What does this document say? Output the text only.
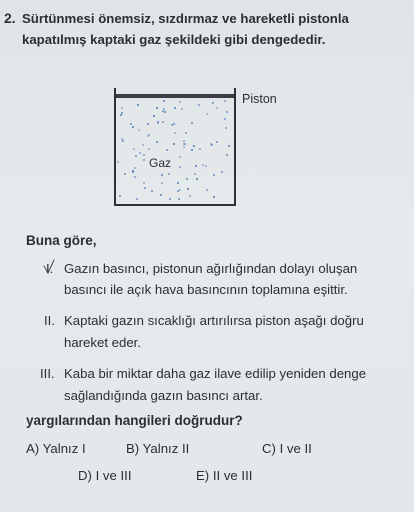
2. Sürtünmesi önemsiz, sızdırmaz ve hareketli pistonla

kapatılmış kaptaki gaz şekildeki gibi dengededir.

Gaz
Piston

Buna göre,

I. Gazın basıncı, pistonun ağırlığından dolayı oluşan

basıncı ile açık hava basıncının toplamına eşittir.

II. Kaptaki gazın sıcaklığı artırılırsa piston aşağı doğru

hareket eder.

III. Kaba bir miktar daha gaz ilave edilip yeniden denge

sağlandığında gazın basıncı artar.

yargılarından hangileri doğrudur?

A) Yalnız I	B) Yalnız II	C) I ve II
D) I ve III	E) II ve III
